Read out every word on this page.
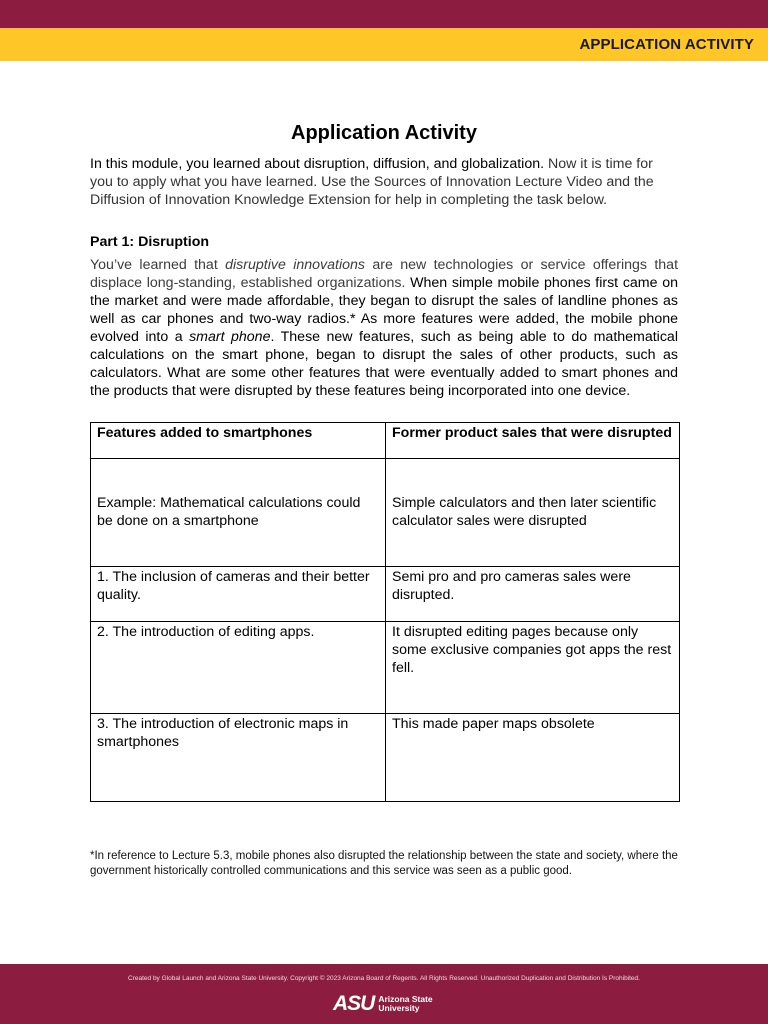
APPLICATION ACTIVITY
Application Activity

In this module, you learned about disruption, diffusion, and globalization. Now it is time for you to apply what you have learned. Use the Sources of Innovation Lecture Video and the Diffusion of Innovation Knowledge Extension for help in completing the task below.

Part 1: Disruption

You’ve learned that disruptive innovations are new technologies or service offerings that displace long-standing, established organizations. When simple mobile phones first came on the market and were made affordable, they began to disrupt the sales of landline phones as well as car phones and two-way radios.* As more features were added, the mobile phone evolved into a smart phone. These new features, such as being able to do mathematical calculations on the smart phone, began to disrupt the sales of other products, such as calculators. What are some other features that were eventually added to smart phones and the products that were disrupted by these features being incorporated into one device.

Features added to smartphones	Former product sales that were disrupted
Example: Mathematical calculations could be done on a smartphone	Simple calculators and then later scientific calculator sales were disrupted
1. The inclusion of cameras and their better quality.	Semi pro and pro cameras sales were disrupted.
2. The introduction of editing apps.	It disrupted editing pages because only some exclusive companies got apps the rest fell.
3. The introduction of electronic maps in smartphones	This made paper maps obsolete
*In reference to Lecture 5.3, mobile phones also disrupted the relationship between the state and society, where the government historically controlled communications and this service was seen as a public good.
Created by Global Launch and Arizona State University. Copyright © 2023 Arizona Board of Regents. All Rights Reserved. Unauthorized Duplication and Distribution Is Prohibited.
ASU Arizona State
University
